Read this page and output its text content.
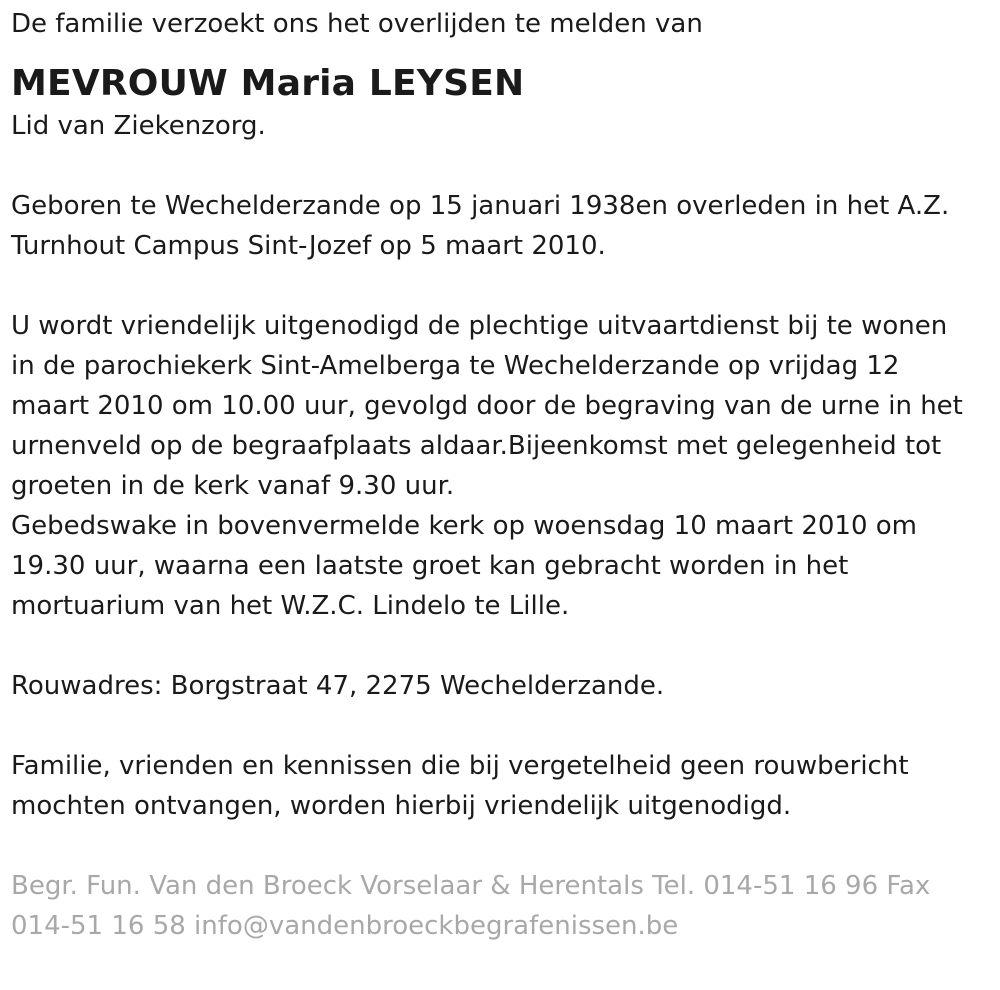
De familie verzoekt ons het overlijden te melden van

MEVROUW Maria LEYSEN

Lid van Ziekenzorg.

Geboren te Wechelderzande op 15 januari 1938en overleden in het A.Z.
Turnhout Campus Sint-Jozef op 5 maart 2010.

U wordt vriendelijk uitgenodigd de plechtige uitvaartdienst bij te wonen
in de parochiekerk Sint-Amelberga te Wechelderzande op vrijdag 12
maart 2010 om 10.00 uur, gevolgd door de begraving van de urne in het
urnenveld op de begraafplaats aldaar.Bijeenkomst met gelegenheid tot
groeten in de kerk vanaf 9.30 uur.

Gebedswake in bovenvermelde kerk op woensdag 10 maart 2010 om
19.30 uur, waarna een laatste groet kan gebracht worden in het
mortuarium van het W.Z.C. Lindelo te Lille.

Rouwadres: Borgstraat 47, 2275 Wechelderzande.

Familie, vrienden en kennissen die bij vergetelheid geen rouwbericht
mochten ontvangen, worden hierbij vriendelijk uitgenodigd.

Begr. Fun. Van den Broeck Vorselaar & Herentals Tel. 014-51 16 96 Fax
014-51 16 58 info@vandenbroeckbegrafenissen.be
